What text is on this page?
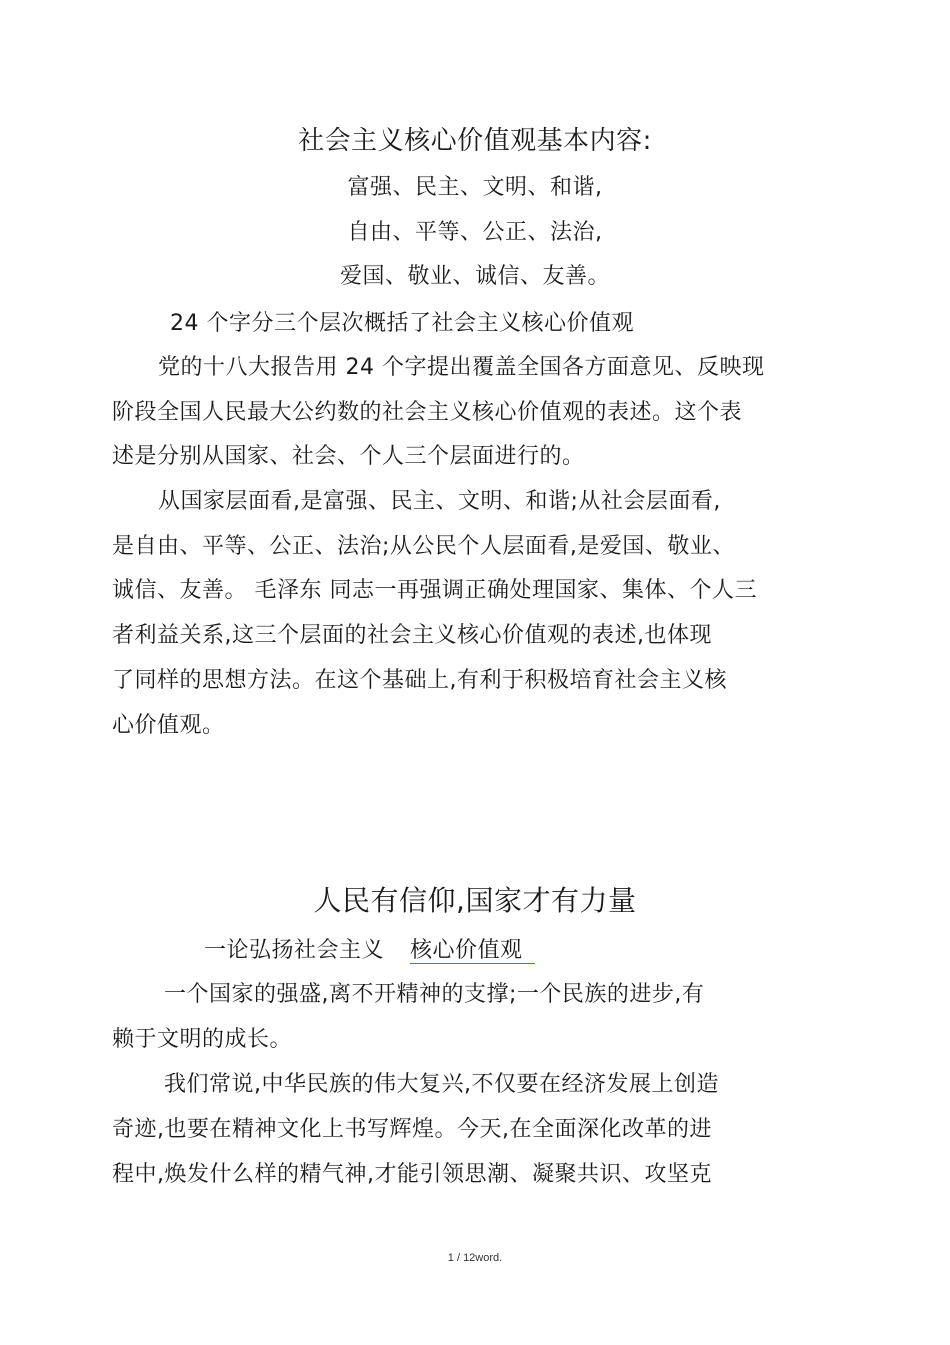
社会主义核心价值观基本内容:
富强、民主、文明、和谐,
自由、平等、公正、法治,
爱国、敬业、诚信、友善。
24 个字分三个层次概括了社会主义核心价值观
党的十八大报告用 24 个字提出覆盖全国各方面意见、反映现
阶段全国人民最大公约数的社会主义核心价值观的表述。这个表
述是分别从国家、社会、个人三个层面进行的。
从国家层面看,是富强、民主、文明、和谐;从社会层面看,
是自由、平等、公正、法治;从公民个人层面看,是爱国、敬业、
诚信、友善。 毛泽东 同志一再强调正确处理国家、集体、个人三
者利益关系,这三个层面的社会主义核心价值观的表述,也体现
了同样的思想方法。在这个基础上,有利于积极培育社会主义核
心价值观。
人民有信仰,国家才有力量
一论弘扬社会主义 核心价值观
一个国家的强盛,离不开精神的支撑;一个民族的进步,有
赖于文明的成长。
我们常说,中华民族的伟大复兴,不仅要在经济发展上创造
奇迹,也要在精神文化上书写辉煌。今天,在全面深化改革的进
程中,焕发什么样的精气神,才能引领思潮、凝聚共识、攻坚克
1 / 12word.
